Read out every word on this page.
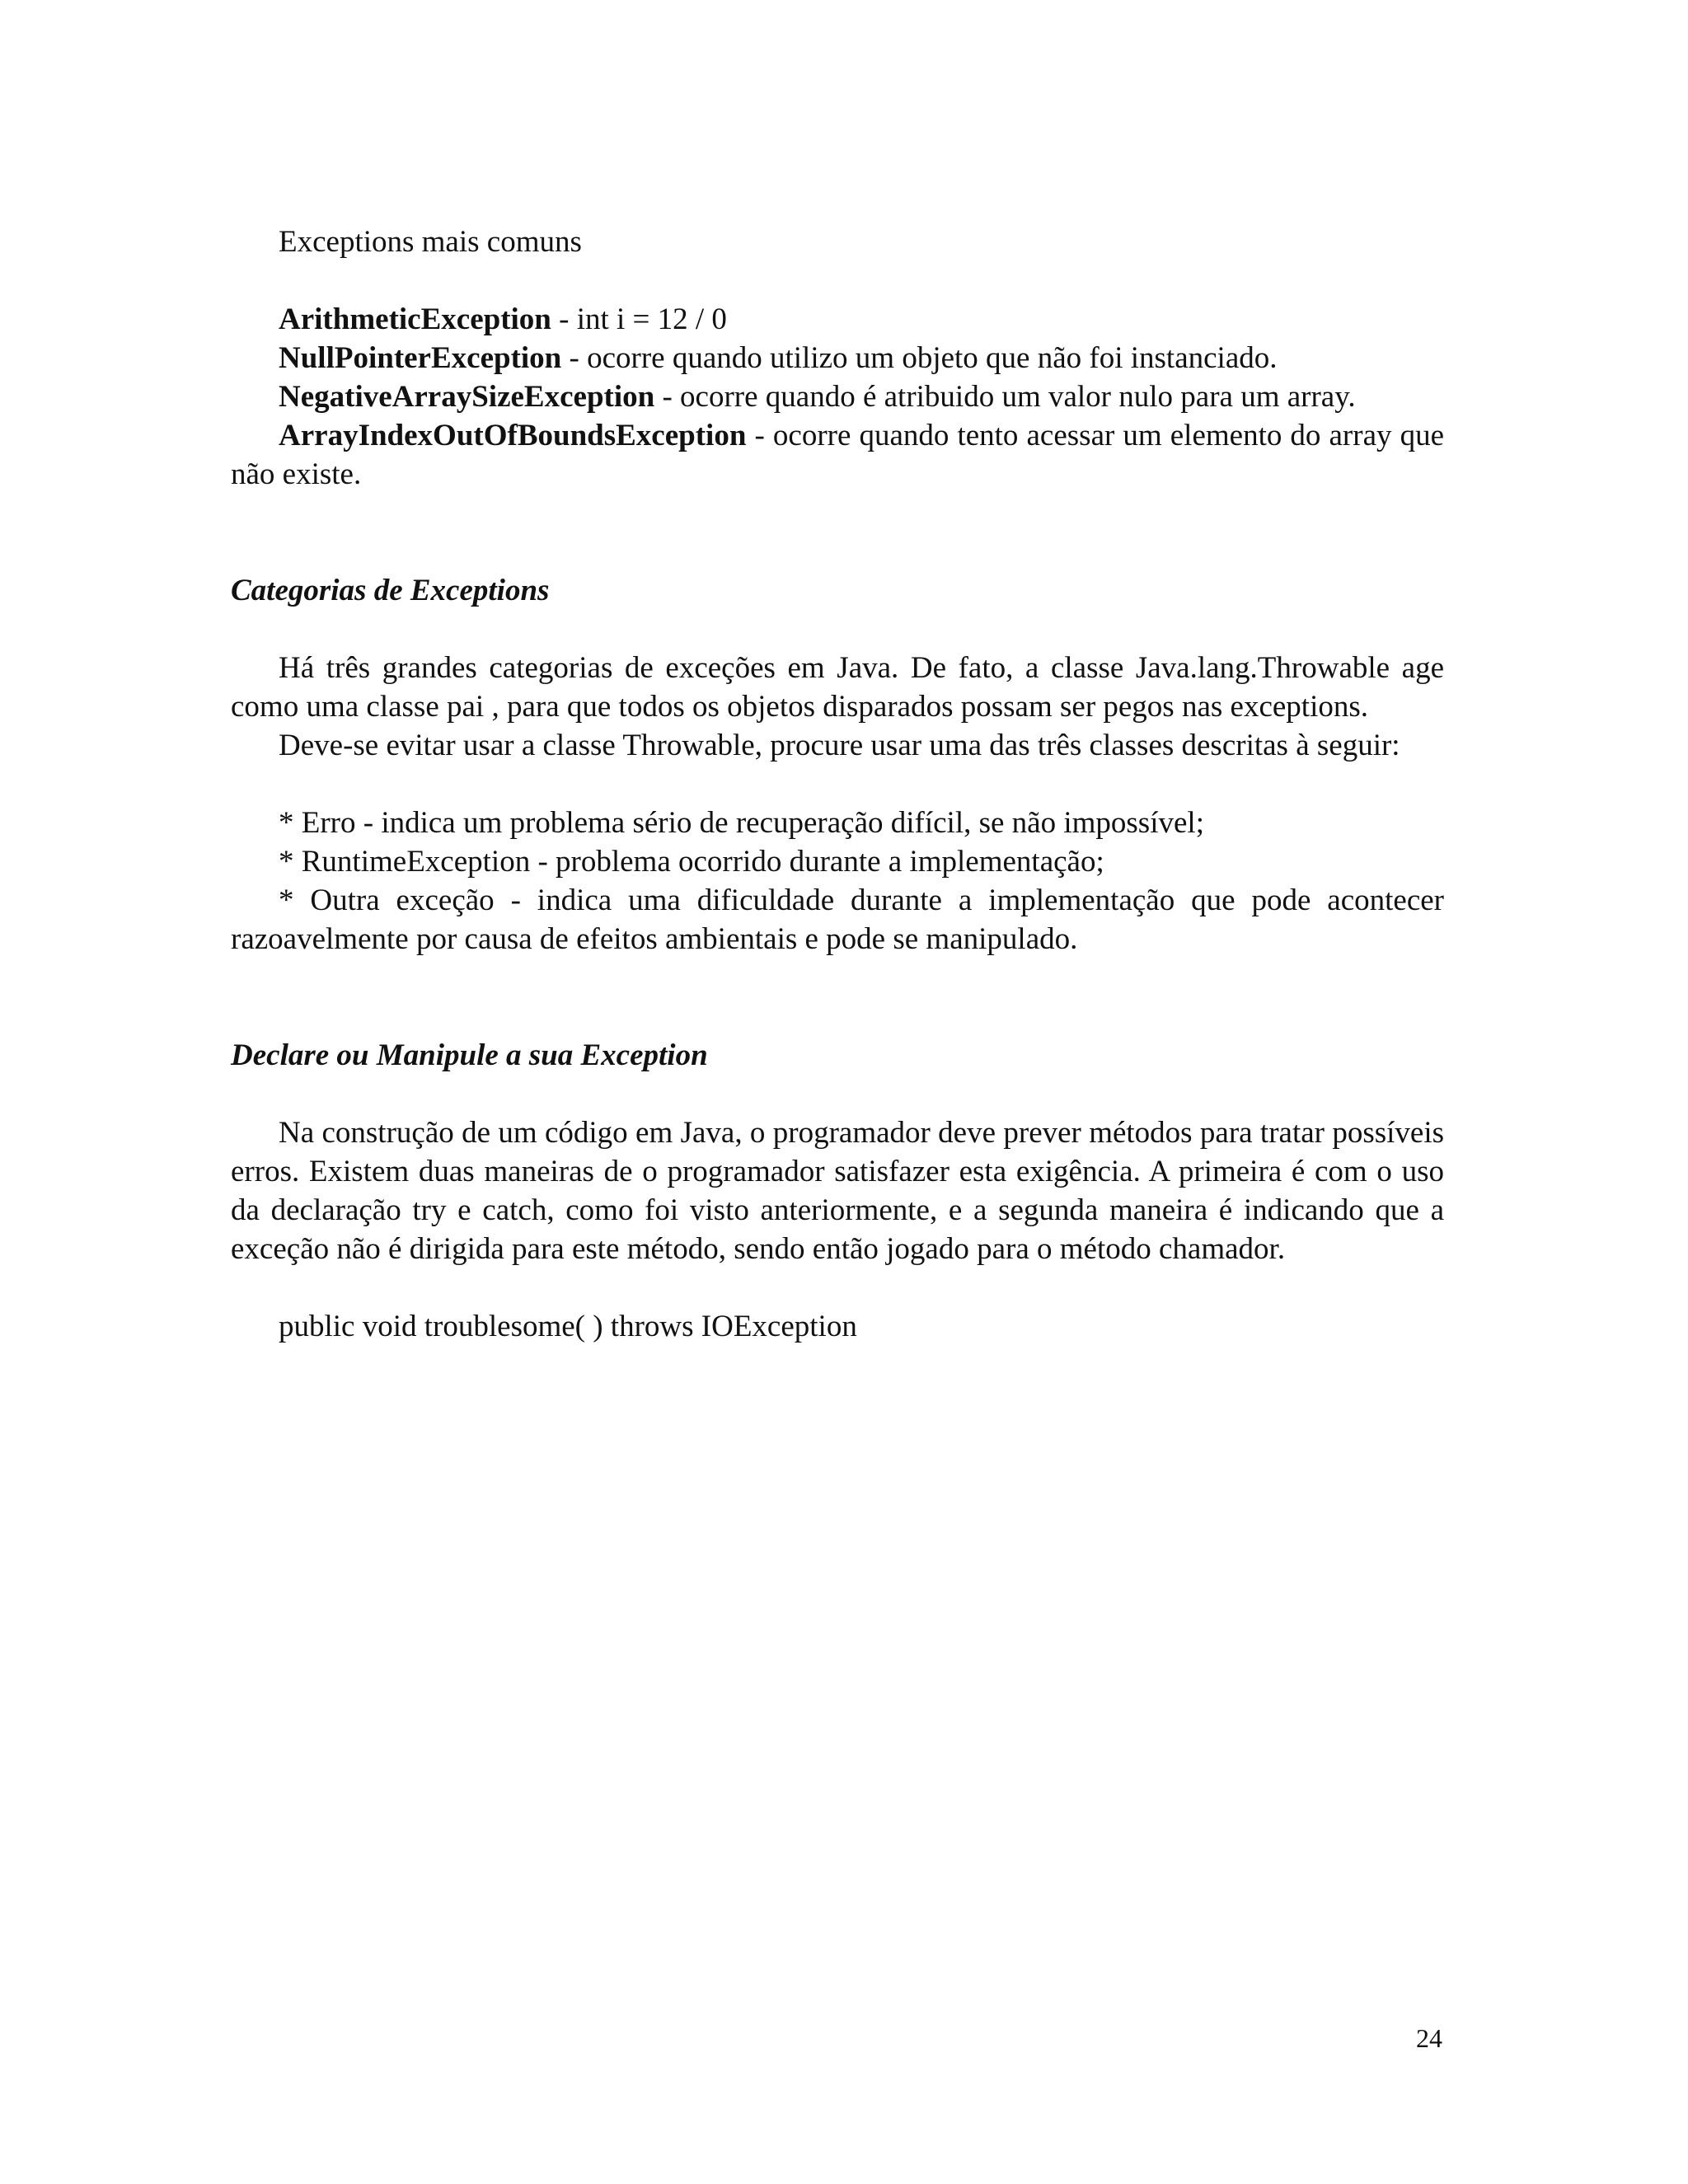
Exceptions mais comuns

ArithmeticException - int i = 12 / 0

NullPointerException - ocorre quando utilizo um objeto que não foi instanciado.

NegativeArraySizeException - ocorre quando é atribuido um valor nulo para um array.

ArrayIndexOutOfBoundsException - ocorre quando tento acessar um elemento do array que não existe.

Categorias de Exceptions

Há três grandes categorias de exceções em Java. De fato, a classe Java.lang.Throwable age como uma classe pai , para que todos os objetos disparados possam ser pegos nas exceptions.

Deve-se evitar usar a classe Throwable, procure usar uma das três classes descritas à seguir:

* Erro - indica um problema sério de recuperação difícil, se não impossível;

* RuntimeException - problema ocorrido durante a implementação;

* Outra exceção - indica uma dificuldade durante a implementação que pode acontecer razoavelmente por causa de efeitos ambientais e pode se manipulado.

Declare ou Manipule a sua Exception

Na construção de um código em Java, o programador deve prever métodos para tratar possíveis erros. Existem duas maneiras de o programador satisfazer esta exigência. A primeira é com o uso da declaração try e catch, como foi visto anteriormente, e a segunda maneira é indicando que a exceção não é dirigida para este método, sendo então jogado para o método chamador.

public void troublesome( ) throws IOException

24
